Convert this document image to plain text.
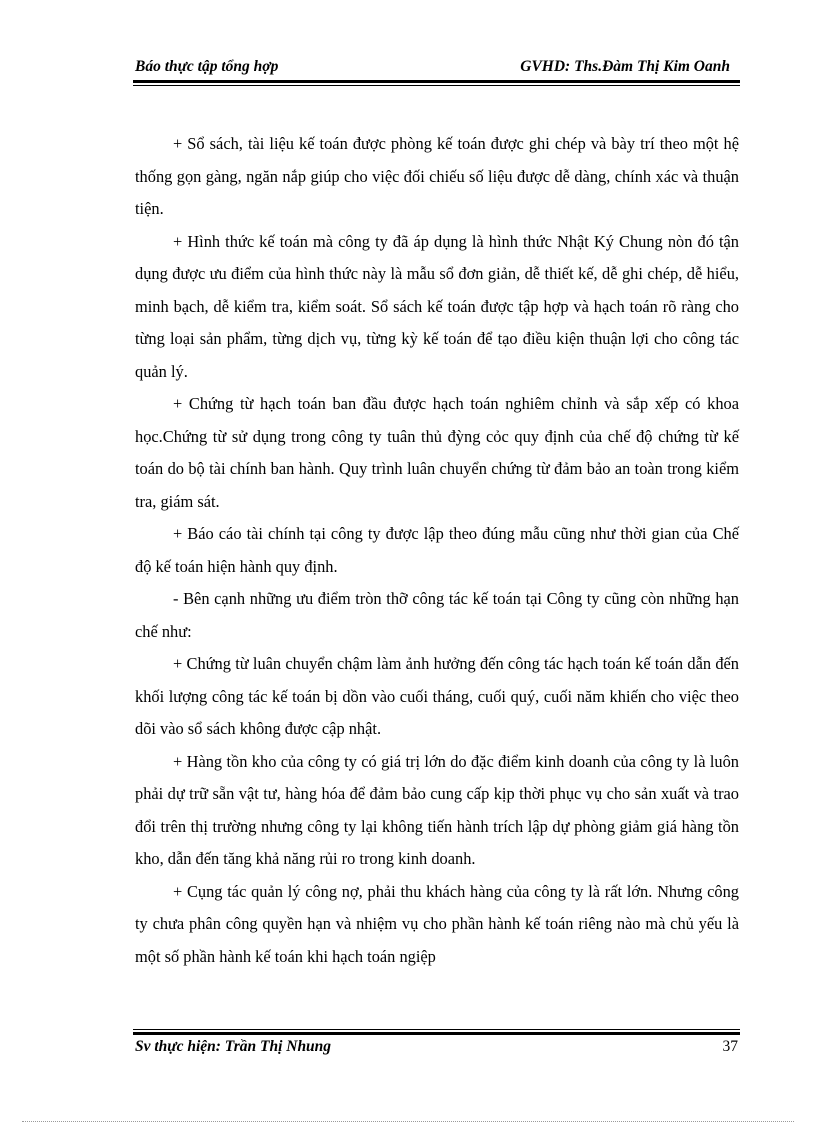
Báo thực tập tổng hợp	GVHD: Ths.Đàm Thị Kim Oanh

+ Sổ sách, tài liệu kế toán được phòng kế toán được ghi chép và bày trí theo một hệ thống gọn gàng, ngăn nắp giúp cho việc đối chiếu số liệu được dễ dàng, chính xác và thuận tiện.

+ Hình thức kế toán mà công ty đã áp dụng là hình thức Nhật Ký Chung nòn đó tận dụng được ưu điểm của hình thức này là mẫu sổ đơn giản, dễ thiết kế, dễ ghi chép, dễ hiểu, minh bạch, dễ kiểm tra, kiểm soát. Sổ sách kế toán được tập hợp và hạch toán rõ ràng cho từng loại sản phẩm, từng dịch vụ, từng kỳ kế toán để tạo điều kiện thuận lợi cho công tác quản lý.

+ Chứng từ hạch toán ban đầu được hạch toán nghiêm chỉnh và sắp xếp có khoa học.Chứng từ sử dụng trong công ty tuân thủ đỳng cỏc quy định của chế độ chứng từ kế toán do bộ tài chính ban hành. Quy trình luân chuyển chứng từ đảm bảo an toàn trong kiểm tra, giám sát.

+ Báo cáo tài chính tại công ty được lập theo đúng mẫu cũng như thời gian của Chế độ kế toán hiện hành quy định.

- Bên cạnh những ưu điểm tròn thỡ công tác kế toán tại Công ty cũng còn những hạn chế như:

+ Chứng từ luân chuyển chậm làm ảnh hưởng đến công tác hạch toán kế toán dẫn đến khối lượng công tác kế toán bị dồn vào cuối tháng, cuối quý, cuối năm khiến cho việc theo dõi vào sổ sách không được cập nhật.

+ Hàng tồn kho của công ty có giá trị lớn do đặc điểm kinh doanh của công ty là luôn phải dự trữ sẵn vật tư, hàng hóa để đảm bảo cung cấp kịp thời phục vụ cho sản xuất và trao đổi trên thị trường nhưng công ty lại không tiến hành trích lập dự phòng giảm giá hàng tồn kho, dẫn đến tăng khả năng rủi ro trong kinh doanh.

+ Cụng tác quản lý công nợ, phải thu khách hàng của công ty là rất lớn. Nhưng công ty chưa phân công quyền hạn và nhiệm vụ cho phần hành kế toán riêng nào mà chủ yếu là một số phần hành kế toán khi hạch toán ngiệp

Sv thực hiện: Trần Thị Nhung	37
